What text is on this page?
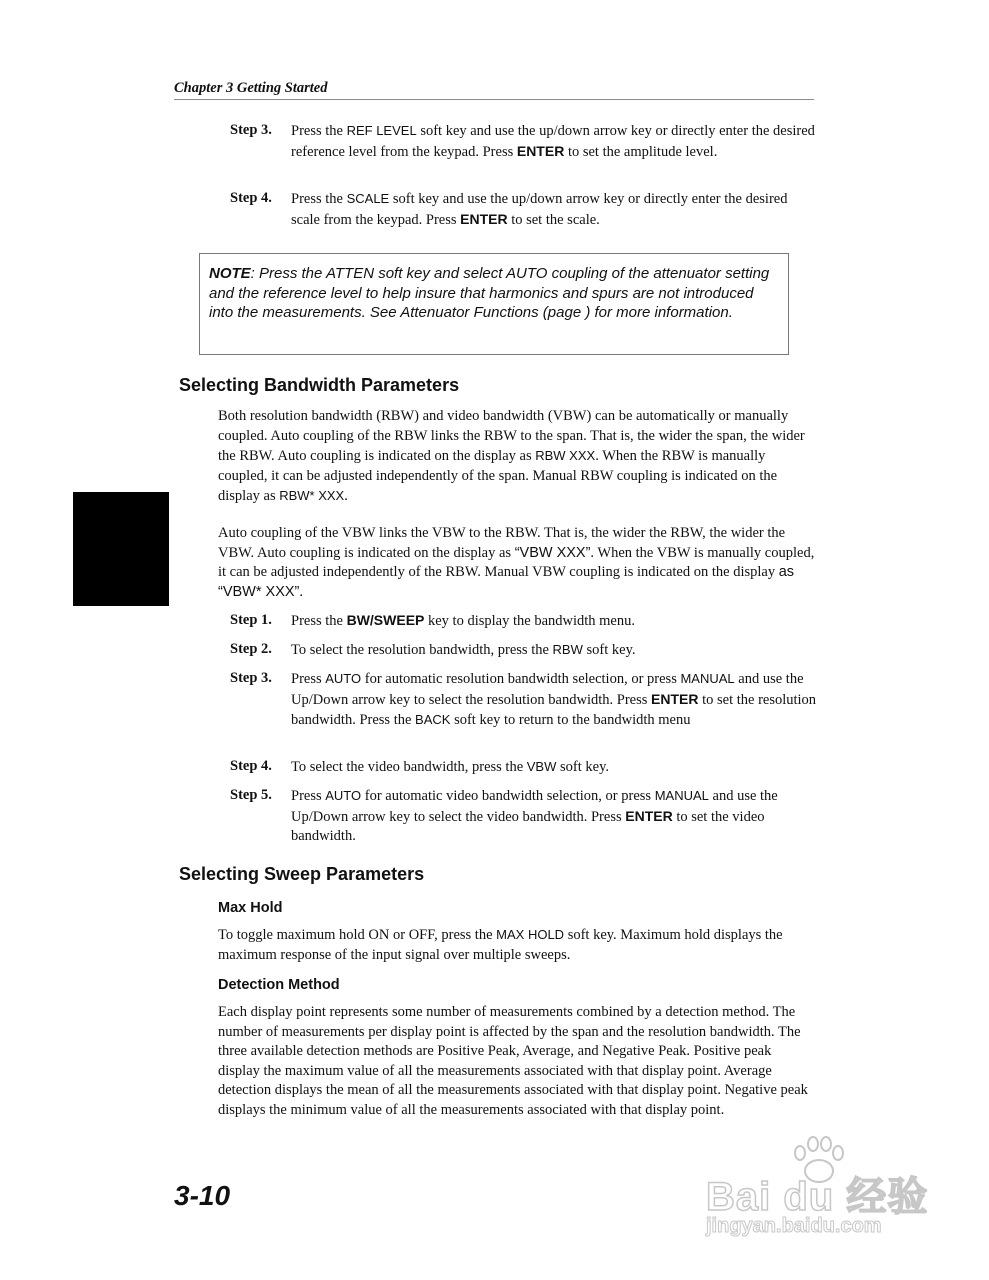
Chapter 3 Getting Started
Step 3.	Press the REF LEVEL soft key and use the up/down arrow key or directly enter the desired reference level from the keypad. Press ENTER to set the amplitude level.
Step 4.	Press the SCALE soft key and use the up/down arrow key or directly enter the desired scale from the keypad. Press ENTER to set the scale.
NOTE: Press the ATTEN soft key and select AUTO coupling of the attenuator setting and the reference level to help insure that harmonics and spurs are not introduced into the measurements. See Attenuator Functions (page ) for more information.
Selecting Bandwidth Parameters
Both resolution bandwidth (RBW) and video bandwidth (VBW) can be automatically or manually coupled. Auto coupling of the RBW links the RBW to the span. That is, the wider the span, the wider the RBW. Auto coupling is indicated on the display as RBW XXX. When the RBW is manually coupled, it can be adjusted independently of the span. Manual RBW coupling is indicated on the display as RBW* XXX.
Auto coupling of the VBW links the VBW to the RBW. That is, the wider the RBW, the wider the VBW. Auto coupling is indicated on the display as “VBW XXX”. When the VBW is manually coupled, it can be adjusted independently of the RBW. Manual VBW coupling is indicated on the display as “VBW* XXX”.
Step 1.	Press the BW/SWEEP key to display the bandwidth menu.
Step 2.	To select the resolution bandwidth, press the RBW soft key.
Step 3.	Press AUTO for automatic resolution bandwidth selection, or press MANUAL and use the Up/Down arrow key to select the resolution bandwidth. Press ENTER to set the resolution bandwidth. Press the BACK soft key to return to the bandwidth menu
Step 4.	To select the video bandwidth, press the VBW soft key.
Step 5.	Press AUTO for automatic video bandwidth selection, or press MANUAL and use the Up/Down arrow key to select the video bandwidth. Press ENTER to set the video bandwidth.
Selecting Sweep Parameters
Max Hold
To toggle maximum hold ON or OFF, press the MAX HOLD soft key. Maximum hold displays the maximum response of the input signal over multiple sweeps.
Detection Method
Each display point represents some number of measurements combined by a detection method. The number of measurements per display point is affected by the span and the resolution bandwidth. The three available detection methods are Positive Peak, Average, and Negative Peak. Positive peak display the maximum value of all the measurements associated with that display point. Average detection displays the mean of all the measurements associated with that display point. Negative peak displays the minimum value of all the measurements associated with that display point.
3-10	Bai du 经验
jingyan.baidu.com
